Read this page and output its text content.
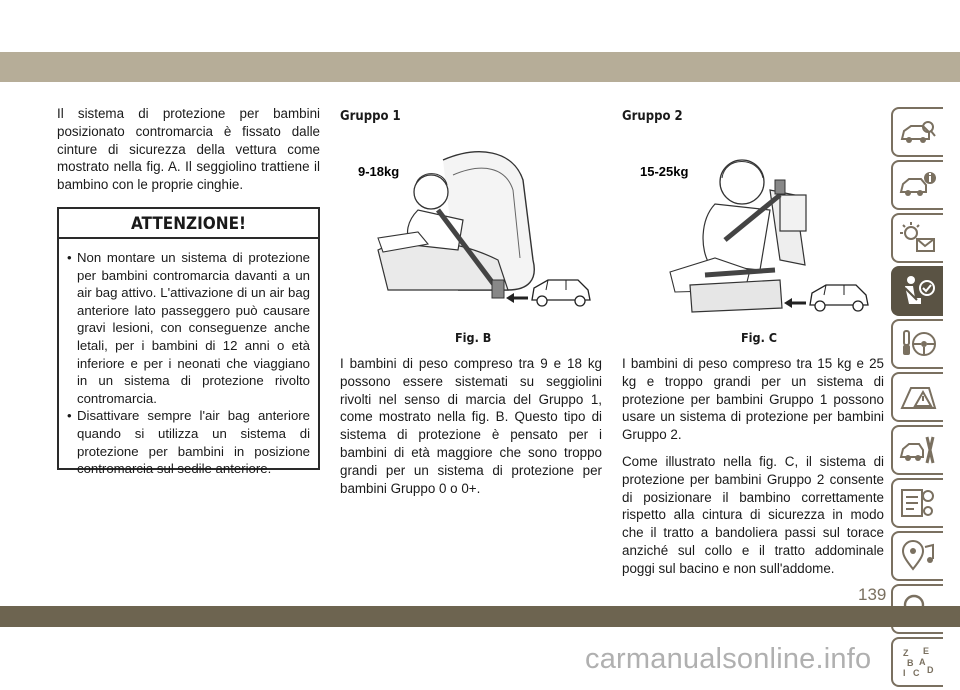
Il sistema di protezione per bambini posizionato contromarcia è fissato dalle cinture di sicurezza della vettura come mostrato nella fig. A. Il seggiolino trattiene il bambino con le proprie cinghie.

ATTENZIONE!
• Non montare un sistema di protezione per bambini contromarcia davanti a un air bag attivo. L'attivazione di un air bag anteriore lato passeggero può causare gravi lesioni, con conseguenze anche letali, per i bambini di 12 anni o età inferiore e per i neonati che viaggiano in un sistema di protezione rivolto contromarcia.
• Disattivare sempre l'air bag anteriore quando si utilizza un sistema di protezione per bambini in posizione contromarcia sul sedile anteriore.
Gruppo 1
9-18kg
Fig. B

I bambini di peso compreso tra 9 e 18 kg possono essere sistemati su seggiolini rivolti nel senso di marcia del Gruppo 1, come mostrato nella fig. B. Questo tipo di sistema di protezione è pensato per i bambini di età maggiore che sono troppo grandi per un sistema di protezione per bambini Gruppo 0 o 0+.

Gruppo 2
15-25kg
Fig. C

I bambini di peso compreso tra 15 kg e 25 kg e troppo grandi per un sistema di protezione per bambini Gruppo 1 possono usare un sistema di protezione per bambini Gruppo 2.

Come illustrato nella fig. C, il sistema di protezione per bambini Gruppo 2 consente di posizionare il bambino correttamente rispetto alla cintura di sicurezza in modo che il tratto a bandoliera passi sul torace anziché sul collo e il tratto addominale poggi sul bacino e non sull'addome.

Z E
B A
I C D
139
carmanualsonline.info
